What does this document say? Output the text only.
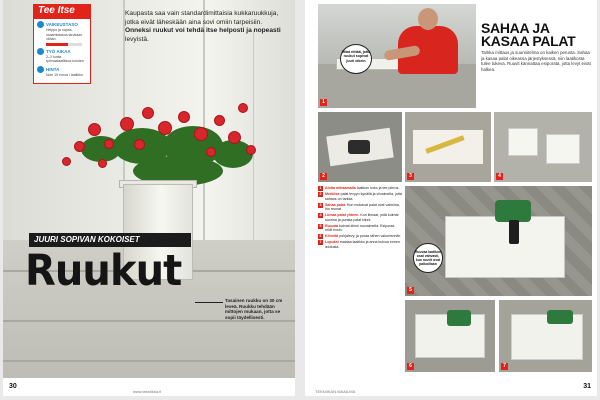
Tee Itse
VAIKEUSTASO
Helppo ja nopea, osaamistasoa tarvitaan vähän
TYÖ AIKAA
2–3 tuntia työmaalaatikkoa kohden
HINTA
Noin 15 euroa / laatikko
Kaupasta saa vain standardimittaisia kukkaruukkuja, jotka eivät läheskään aina sovi omiin tarpeisiin. Onneksi ruukut voi tehdä itse helposti ja nopeasti levyistä.
JUURI SOPIVAN KOKOISET
Ruukut
Tasainen ruukku on 30 cm leveä. Ruukku tehdään mittojen mukaan, jotta se sopii täydellisesti.
30
www.tekniikka.fi
Mitat riittää, jotta ruukut sopivat juuri oikein
1
SAHAA JA KASAA PALAT
Tarkka mittaus ja suunnitelma on kaiken perusta. Sahaa ja kasaa palat oikeassa järjestyksessä, niin laatikosta tulee tukeva. Ruuvit kannattaa esiporata, jotta levyt eivät halkea.
2	3	4
1 Aloita mittaamalla laatikon koko ja tee piirros.
2 Merkitse palat levyyn kynällä ja viivaimella, jotta sahaus on tarkka.
3 Sahaa palat. Kun mukavat palat ovat valmiina, hio reunat.
4 Liimaa palat yhteen. Kun liimaat, pidä kulmat suorina ja purista palat kiinni.
5 Ruuvaa kulmat kiinni ruuvaimella. Esiporaa reiät ensin.
6 Kiinnitä pohjalevy, ja poraa siihen valumisreiät.
7 Lopuksi maalaa laatikko ja anna kuivua ennen istutusta.
5
Ruuvaa laatikon osat vahvasti, kun ruuvit ovat paikoillaan
6	7
TEKNIIKAN MAAILMA
31
